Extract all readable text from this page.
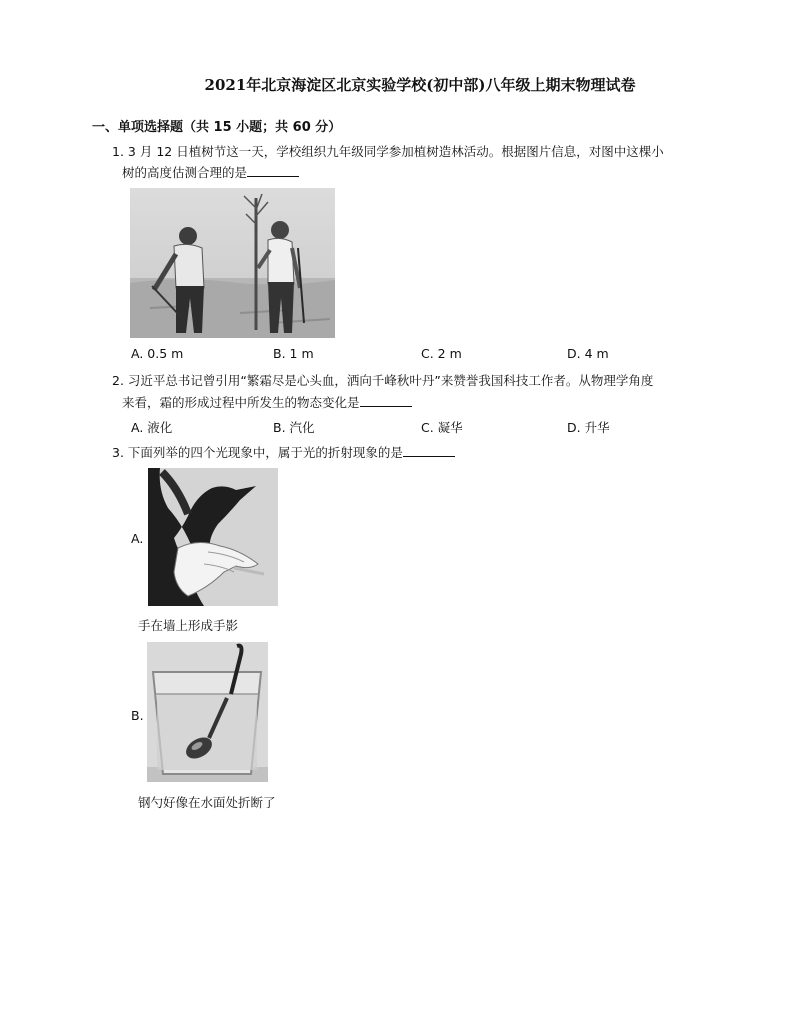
2021年北京海淀区北京实验学校(初中部)八年级上期末物理试卷
一、单项选择题（共 15 小题；共 60 分）
1. 3 月 12 日植树节这一天，学校组织九年级同学参加植树造林活动。根据图片信息，对图中这棵小
树的高度估测合理的是
A. 0.5 m	B. 1 m	C. 2 m	D. 4 m
2. 习近平总书记曾引用“繁霜尽是心头血，洒向千峰秋叶丹”来赞誉我国科技工作者。从物理学角度
来看，霜的形成过程中所发生的物态变化是
A. 液化	B. 汽化	C. 凝华	D. 升华
3. 下面列举的四个光现象中，属于光的折射现象的是
A.
手在墙上形成手影
B.
钢勺好像在水面处折断了
